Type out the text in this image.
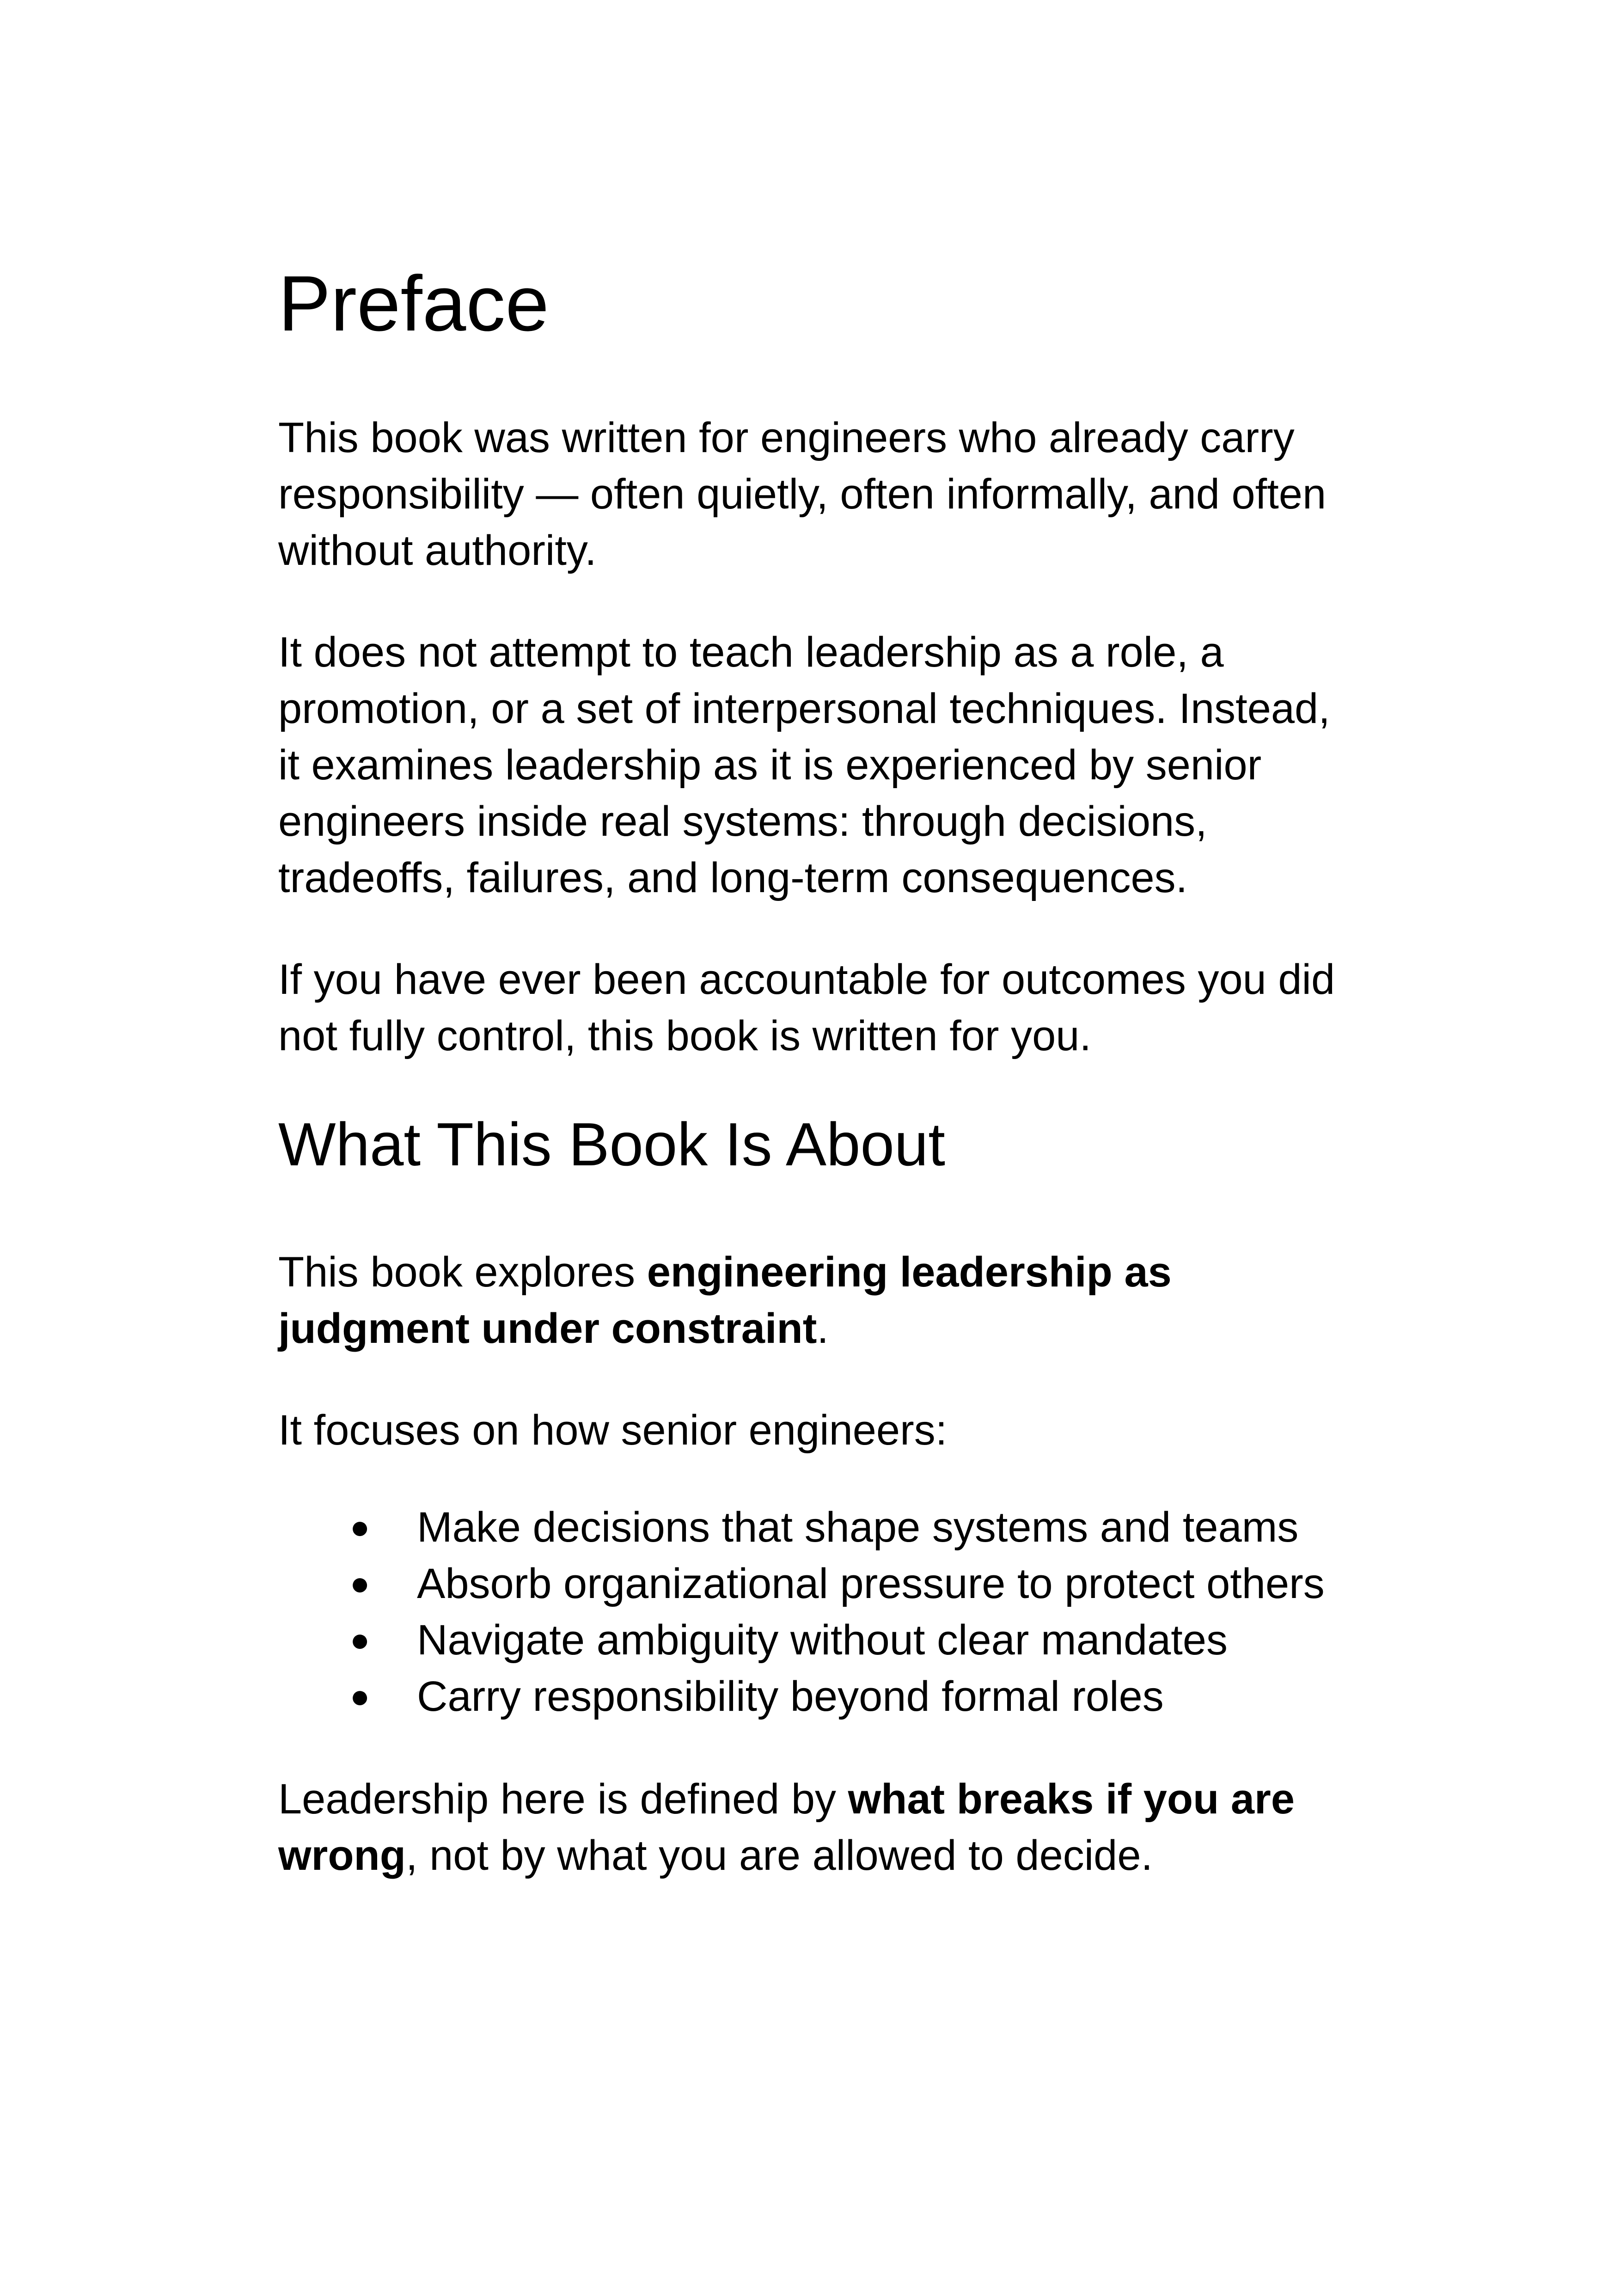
Preface
This book was written for engineers who already carry responsibility — often quietly, often informally, and often without authority.
It does not attempt to teach leadership as a role, a promotion, or a set of interpersonal techniques. Instead, it examines leadership as it is experienced by senior engineers inside real systems: through decisions, tradeoffs, failures, and long-term consequences.
If you have ever been accountable for outcomes you did not fully control, this book is written for you.
What This Book Is About
This book explores engineering leadership as judgment under constraint.
It focuses on how senior engineers:
● Make decisions that shape systems and teams
● Absorb organizational pressure to protect others
● Navigate ambiguity without clear mandates
● Carry responsibility beyond formal roles
Leadership here is defined by what breaks if you are wrong, not by what you are allowed to decide.
